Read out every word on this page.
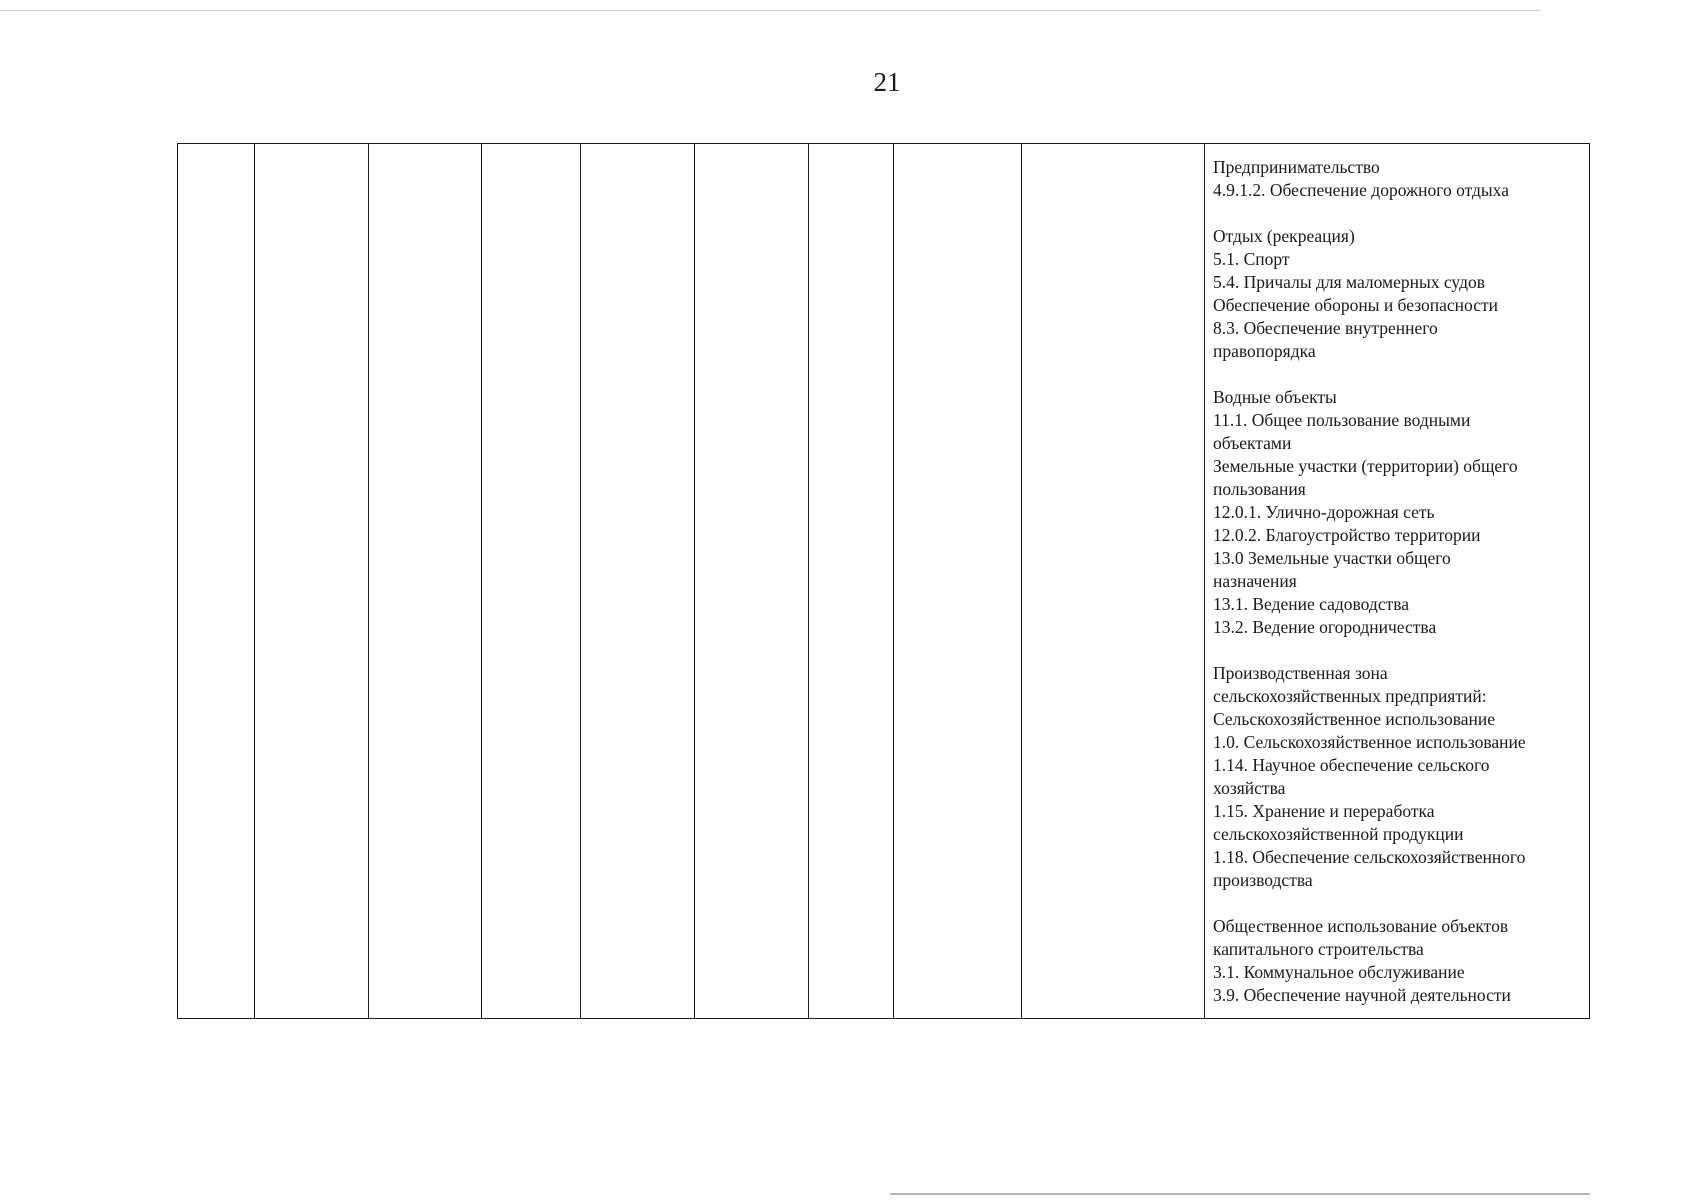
21

Предпринимательство
4.9.1.2. Обеспечение дорожного отдыха
Отдых (рекреация)
5.1. Спорт
5.4. Причалы для маломерных судов
Обеспечение обороны и безопасности
8.3. Обеспечение внутреннего
правопорядка
Водные объекты
11.1. Общее пользование водными
объектами
Земельные участки (территории) общего
пользования
12.0.1. Улично-дорожная сеть
12.0.2. Благоустройство территории
13.0 Земельные участки общего
назначения
13.1. Ведение садоводства
13.2. Ведение огородничества
Производственная зона
сельскохозяйственных предприятий:
Сельскохозяйственное использование
1.0. Сельскохозяйственное использование
1.14. Научное обеспечение сельского
хозяйства
1.15. Хранение и переработка
сельскохозяйственной продукции
1.18. Обеспечение сельскохозяйственного
производства
Общественное использование объектов
капитального строительства
3.1. Коммунальное обслуживание
3.9. Обеспечение научной деятельности
